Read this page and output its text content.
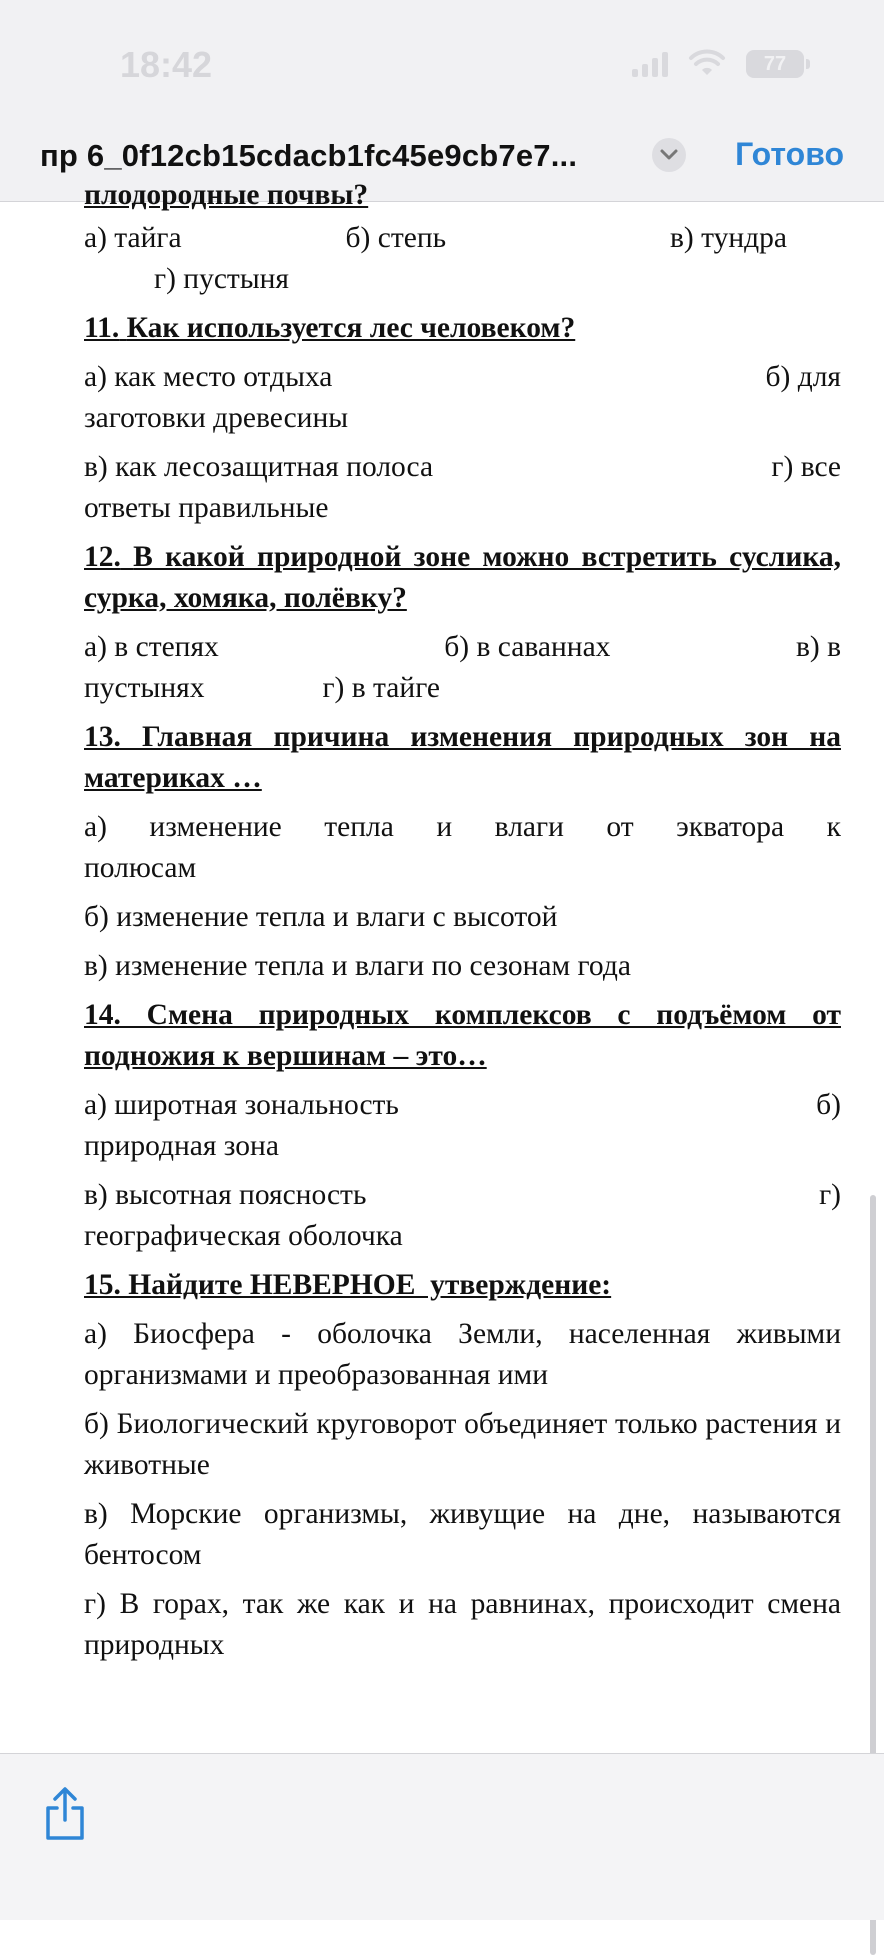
18:42	77
пр 6_0f12cb15cdacb1fc45e9cb7e7...	Готово
плодородные почвы?
а) тайга	б) степь	в) тундра
г) пустыня
11. Как используется лес человеком?
а) как место отдыха	б) для
заготовки древесины
в) как лесозащитная полоса	г) все
ответы правильные
12. В какой природной зоне можно встретить суслика, сурка, хомяка, полёвку?
а) в степях	б) в саваннах	в) в
пустынях	г) в тайге
13. Главная причина изменения природных зон на материках …
а) изменение тепла и влаги от экватора к
полюсам
б) изменение тепла и влаги с высотой
в) изменение тепла и влаги по сезонам года
14. Смена природных комплексов с подъёмом от подножия к вершинам – это…
а) широтная зональность	б)
природная зона
в) высотная поясность	г)
географическая оболочка
15. Найдите НЕВЕРНОЕ  утверждение:
а) Биосфера - оболочка Земли, населенная живыми организмами и преобразованная ими
б) Биологический круговорот объединяет только растения и животные
в) Морские организмы, живущие на дне, называются бентосом
г) В горах, так же как и на равнинах, происходит смена природных
